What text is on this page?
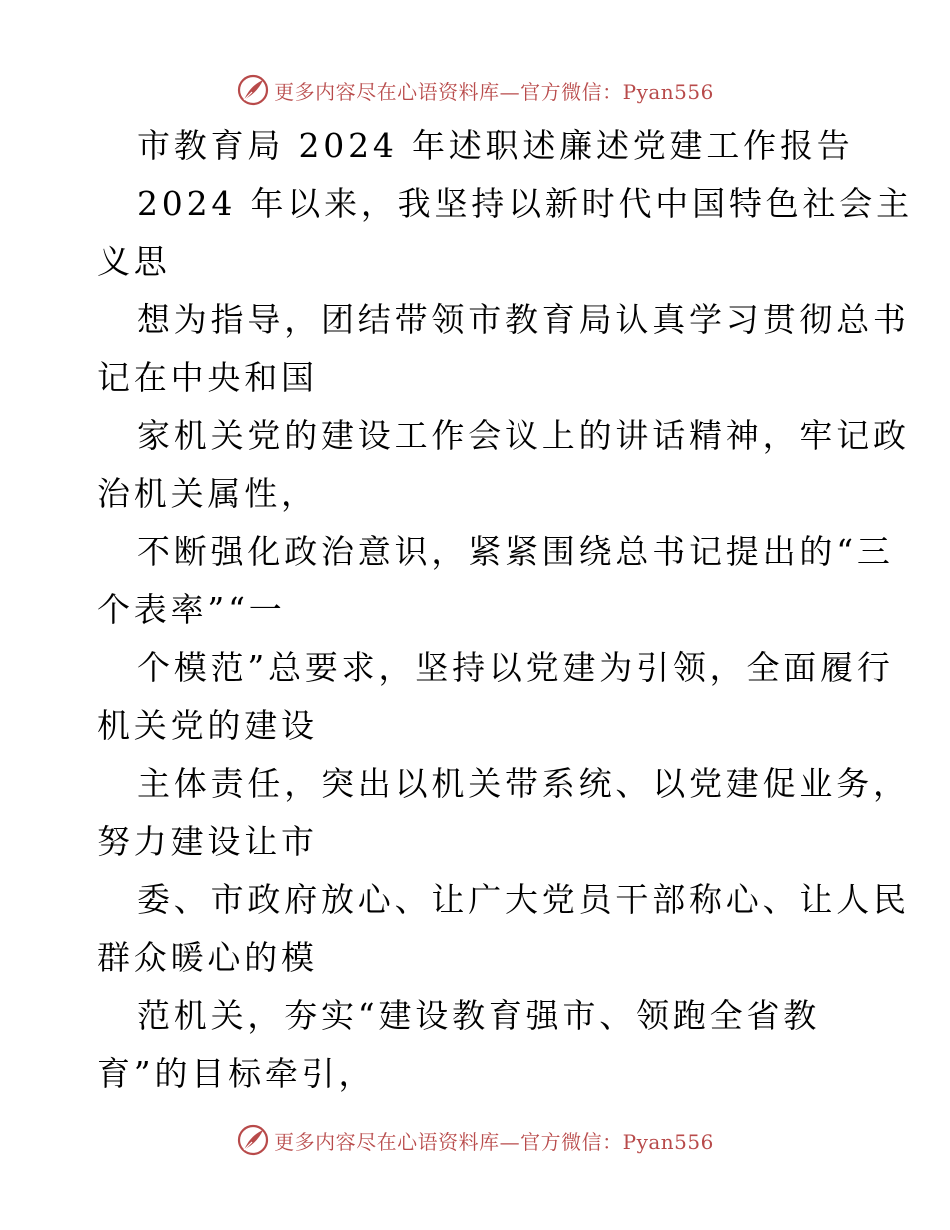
更多内容尽在心语资料库—官方微信：Pyan556
市教育局 2024 年述职述廉述党建工作报告
2024 年以来，我坚持以新时代中国特色社会主
义思
想为指导，团结带领市教育局认真学习贯彻总书
记在中央和国
家机关党的建设工作会议上的讲话精神，牢记政
治机关属性，
不断强化政治意识，紧紧围绕总书记提出的“三
个表率”“一
个模范”总要求，坚持以党建为引领，全面履行
机关党的建设
主体责任，突出以机关带系统、以党建促业务，
努力建设让市
委、市政府放心、让广大党员干部称心、让人民
群众暖心的模
范机关，夯实“建设教育强市、领跑全省教
育”的目标牵引，
更多内容尽在心语资料库—官方微信：Pyan556
